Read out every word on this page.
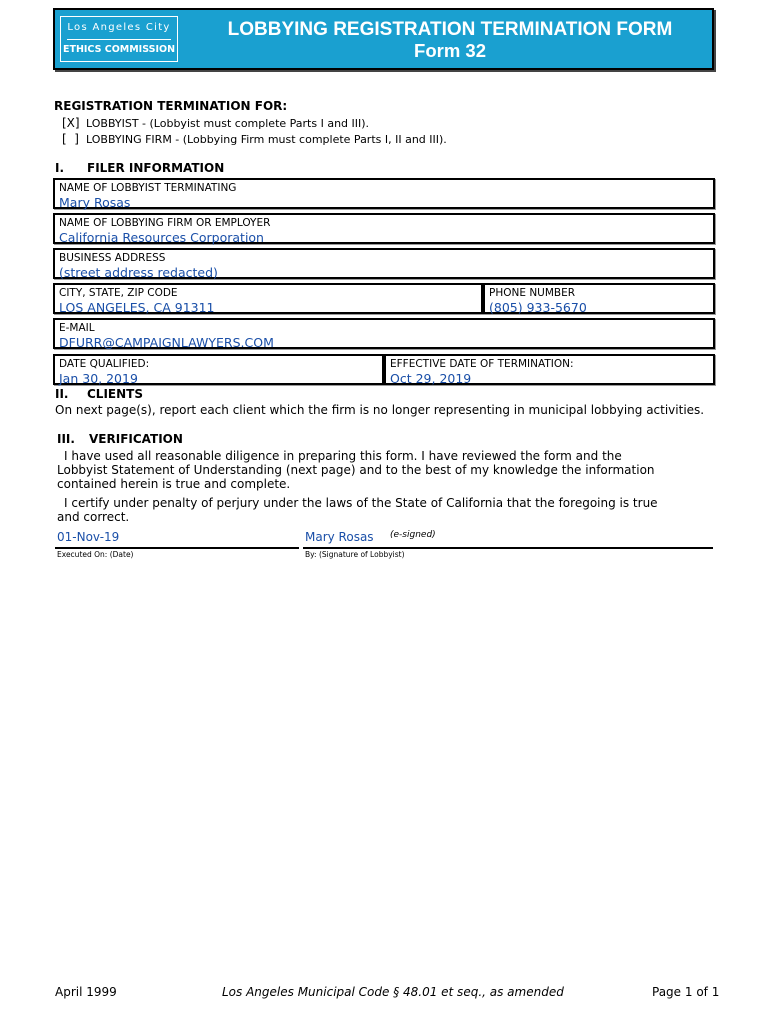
Los Angeles City
ETHICS COMMISSION
LOBBYING REGISTRATION TERMINATION FORM
Form 32
REGISTRATION TERMINATION FOR:
[X] LOBBYIST - (Lobbyist must complete Parts I and III).
[  ] LOBBYING FIRM - (Lobbying Firm must complete Parts I, II and III).
I. FILER INFORMATION
NAME OF LOBBYIST TERMINATING
Mary Rosas
NAME OF LOBBYING FIRM OR EMPLOYER
California Resources Corporation
BUSINESS ADDRESS
(street address redacted)
CITY, STATE, ZIP CODE
LOS ANGELES, CA 91311
PHONE NUMBER
(805) 933-5670
E-MAIL
DFURR@CAMPAIGNLAWYERS.COM
DATE QUALIFIED:
Jan 30, 2019
EFFECTIVE DATE OF TERMINATION:
Oct 29, 2019
II. CLIENTS
On next page(s), report each client which the firm is no longer representing in municipal lobbying activities.
III. VERIFICATION
I have used all reasonable diligence in preparing this form. I have reviewed the form and the
Lobbyist Statement of Understanding (next page) and to the best of my knowledge the information
contained herein is true and complete.
I certify under penalty of perjury under the laws of the State of California that the foregoing is true
and correct.
01-Nov-19	Mary Rosas (e-signed)
Executed On: (Date)	By: (Signature of Lobbyist)
April 1999	Los Angeles Municipal Code § 48.01 et seq., as amended	Page 1 of 1
